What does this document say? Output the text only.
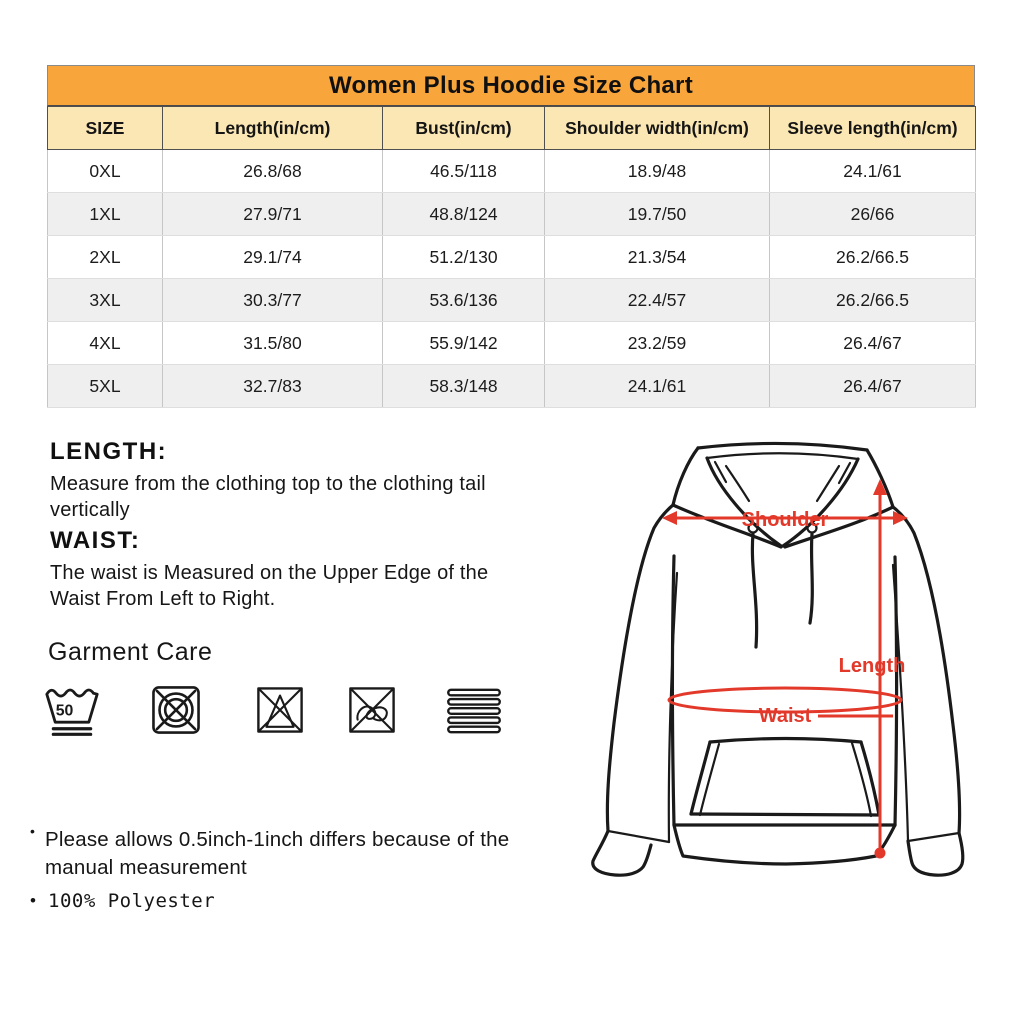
Women Plus Hoodie Size Chart
SIZE	Length(in/cm)	Bust(in/cm)	Shoulder width(in/cm)	Sleeve length(in/cm)
0XL	26.8/68	46.5/118	18.9/48	24.1/61
1XL	27.9/71	48.8/124	19.7/50	26/66
2XL	29.1/74	51.2/130	21.3/54	26.2/66.5
3XL	30.3/77	53.6/136	22.4/57	26.2/66.5
4XL	31.5/80	55.9/142	23.2/59	26.4/67
5XL	32.7/83	58.3/148	24.1/61	26.4/67
LENGTH:

Measure from the clothing top to the clothing tail vertically

WAIST:

The waist is Measured on the Upper Edge of the Waist From Left to Right.

Garment Care
50
• Please allows 0.5inch-1inch differs because of the manual measurement
• 100% Polyester
Shoulder
Length
Waist
